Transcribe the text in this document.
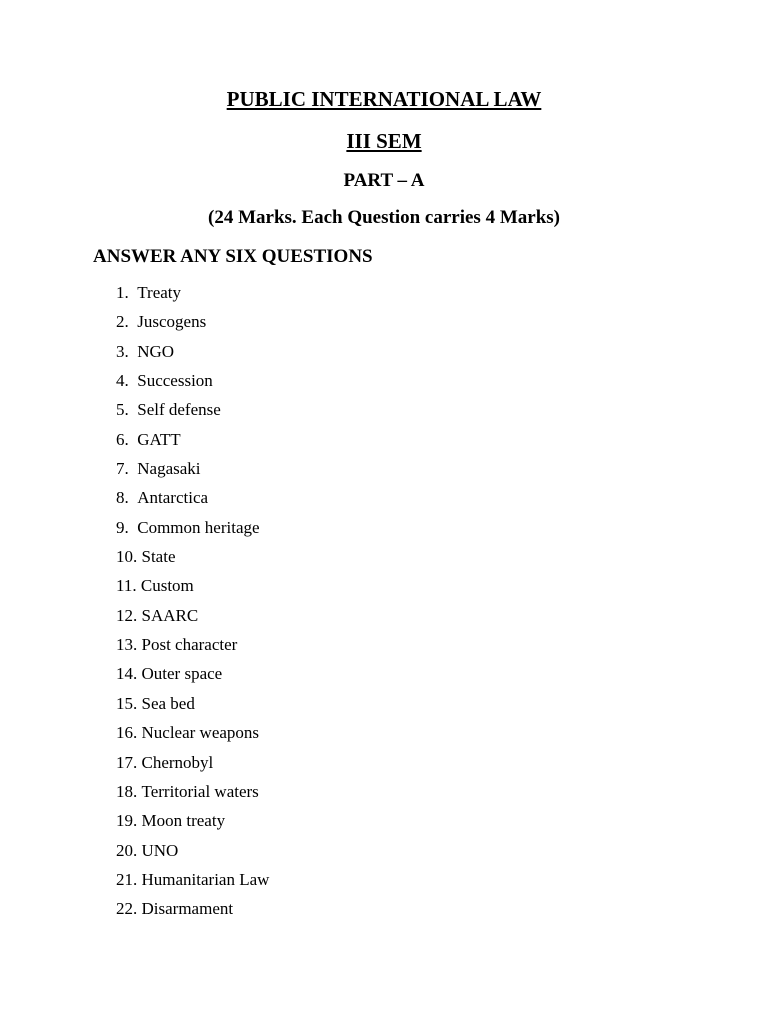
PUBLIC INTERNATIONAL LAW
III SEM
PART – A
(24 Marks. Each Question carries 4 Marks)

ANSWER ANY SIX QUESTIONS

1. Treaty
2. Juscogens
3. NGO
4. Succession
5. Self defense
6. GATT
7. Nagasaki
8. Antarctica
9. Common heritage
10. State
11. Custom
12. SAARC
13. Post character
14. Outer space
15. Sea bed
16. Nuclear weapons
17. Chernobyl
18. Territorial waters
19. Moon treaty
20. UNO
21. Humanitarian Law
22. Disarmament
